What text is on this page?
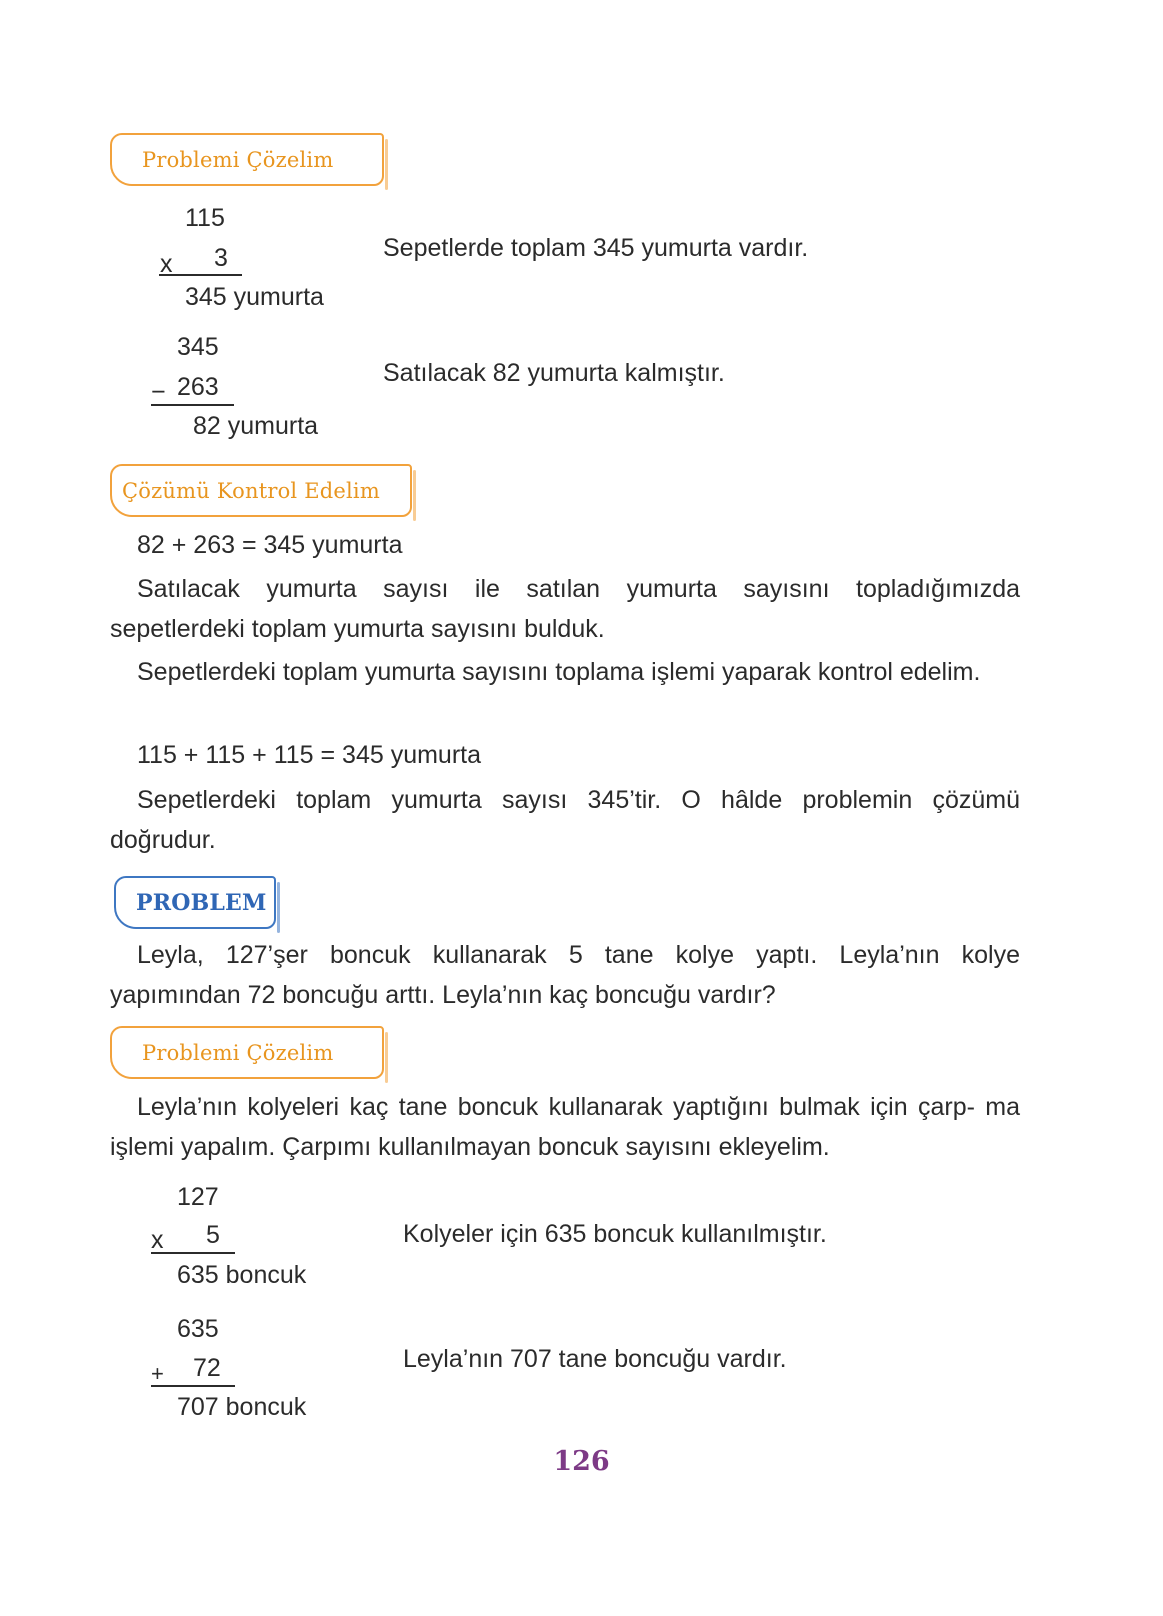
Problemi Çözelim
115
x 3
345 yumurta
Sepetlerde toplam 345 yumurta vardır.
345
− 263
82 yumurta
Satılacak 82 yumurta kalmıştır.
Çözümü Kontrol Edelim
82 + 263 = 345 yumurta
Satılacak yumurta sayısı ile satılan yumurta sayısını topladığımızda sepetlerdeki toplam yumurta sayısını bulduk.
Sepetlerdeki toplam yumurta sayısını toplama işlemi yaparak kontrol edelim.
115 + 115 + 115 = 345 yumurta
Sepetlerdeki toplam yumurta sayısı 345’tir. O hâlde problemin çözümü doğrudur.
PROBLEM
Leyla, 127’şer boncuk kullanarak 5 tane kolye yaptı. Leyla’nın kolye yapımından 72 boncuğu arttı. Leyla’nın kaç boncuğu vardır?
Problemi Çözelim
Leyla’nın kolyeleri kaç tane boncuk kullanarak yaptığını bulmak için çarp- ma işlemi yapalım. Çarpımı kullanılmayan boncuk sayısını ekleyelim.
127
x 5
635 boncuk
Kolyeler için 635 boncuk kullanılmıştır.
635
+ 72
707 boncuk
Leyla’nın 707 tane boncuğu vardır.
126
